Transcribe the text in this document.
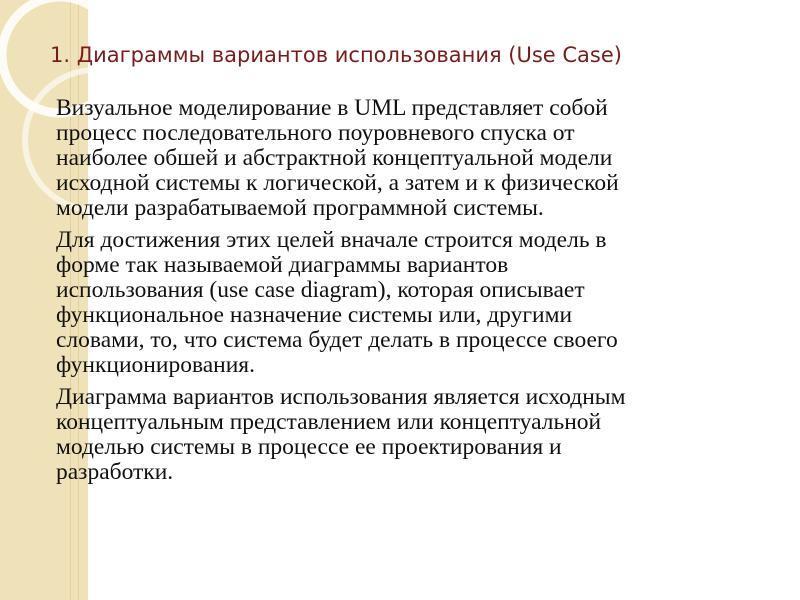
1. Диаграммы вариантов использования (Use Case)

Визуальное моделирование в UML представляет собой
процесс последовательного поуровневого спуска от
наиболее обшей и абстрактной концептуальной модели
исходной системы к логической, а затем и к физической
модели разрабатываемой программной системы.

Для достижения этих целей вначале строится модель в
форме так называемой диаграммы вариантов
использования (use case diagram), которая описывает
функциональное назначение системы или, другими
словами, то, что система будет делать в процессе своего
функционирования.

Диаграмма вариантов использования является исходным
концептуальным представлением или концептуальной
моделью системы в процессе ее проектирования и
разработки.
